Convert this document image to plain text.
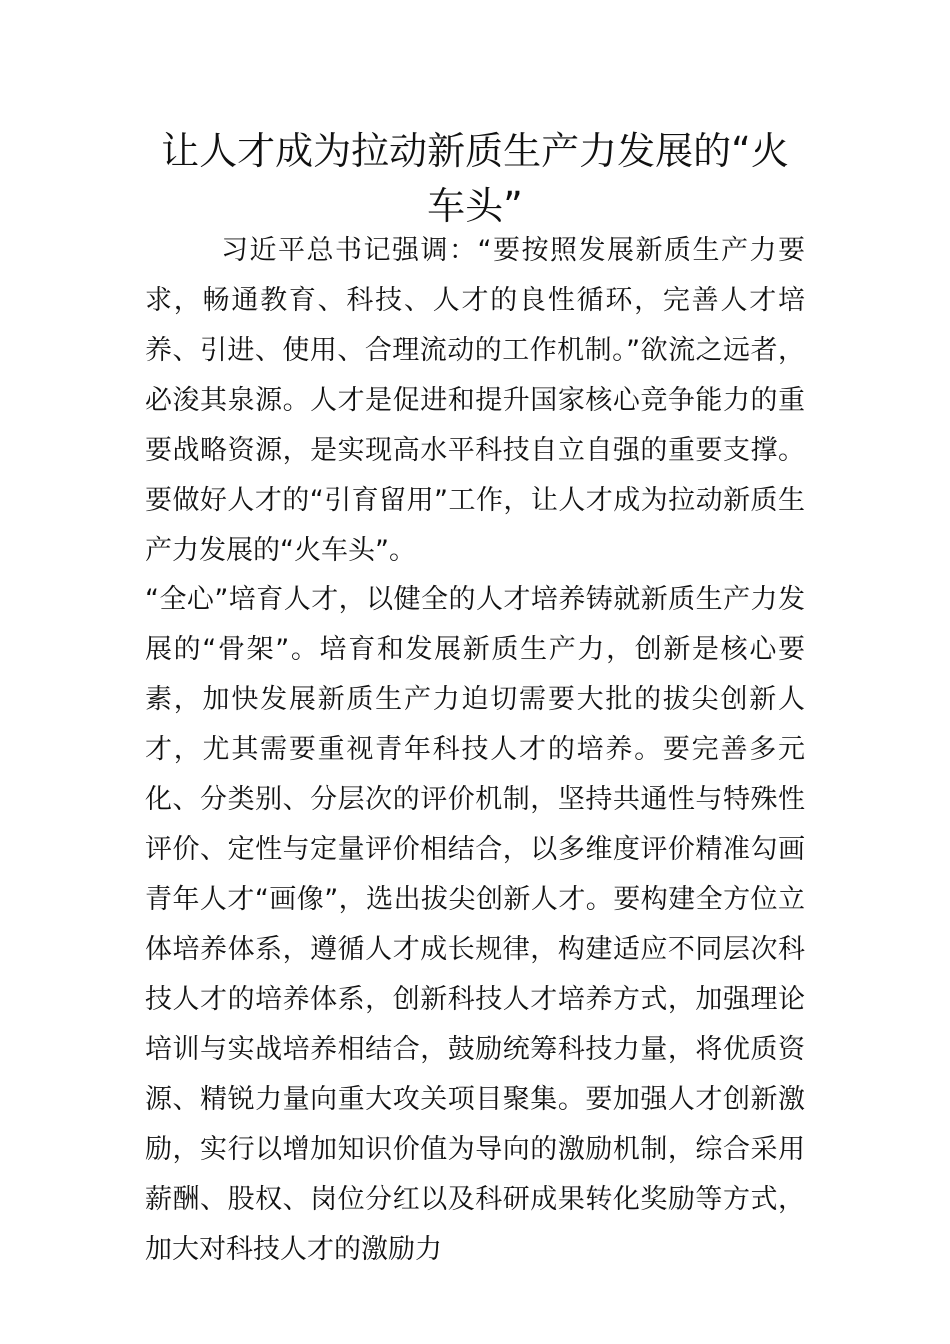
让人才成为拉动新质生产力发展的“火车头”

习近平总书记强调：“要按照发展新质生产力要求，畅通教育、科技、人才的良性循环，完善人才培养、引进、使用、合理流动的工作机制。”欲流之远者，必浚其泉源。人才是促进和提升国家核心竞争能力的重要战略资源，是实现高水平科技自立自强的重要支撑。要做好人才的“引育留用”工作，让人才成为拉动新质生产力发展的“火车头”。

“全心”培育人才，以健全的人才培养铸就新质生产力发展的“骨架”。培育和发展新质生产力，创新是核心要素，加快发展新质生产力迫切需要大批的拔尖创新人才，尤其需要重视青年科技人才的培养。要完善多元化、分类别、分层次的评价机制，坚持共通性与特殊性评价、定性与定量评价相结合，以多维度评价精准勾画青年人才“画像”，选出拔尖创新人才。要构建全方位立体培养体系，遵循人才成长规律，构建适应不同层次科技人才的培养体系，创新科技人才培养方式，加强理论培训与实战培养相结合，鼓励统筹科技力量，将优质资源、精锐力量向重大攻关项目聚集。要加强人才创新激励，实行以增加知识价值为导向的激励机制，综合采用薪酬、股权、岗位分红以及科研成果转化奖励等方式，加大对科技人才的激励力
